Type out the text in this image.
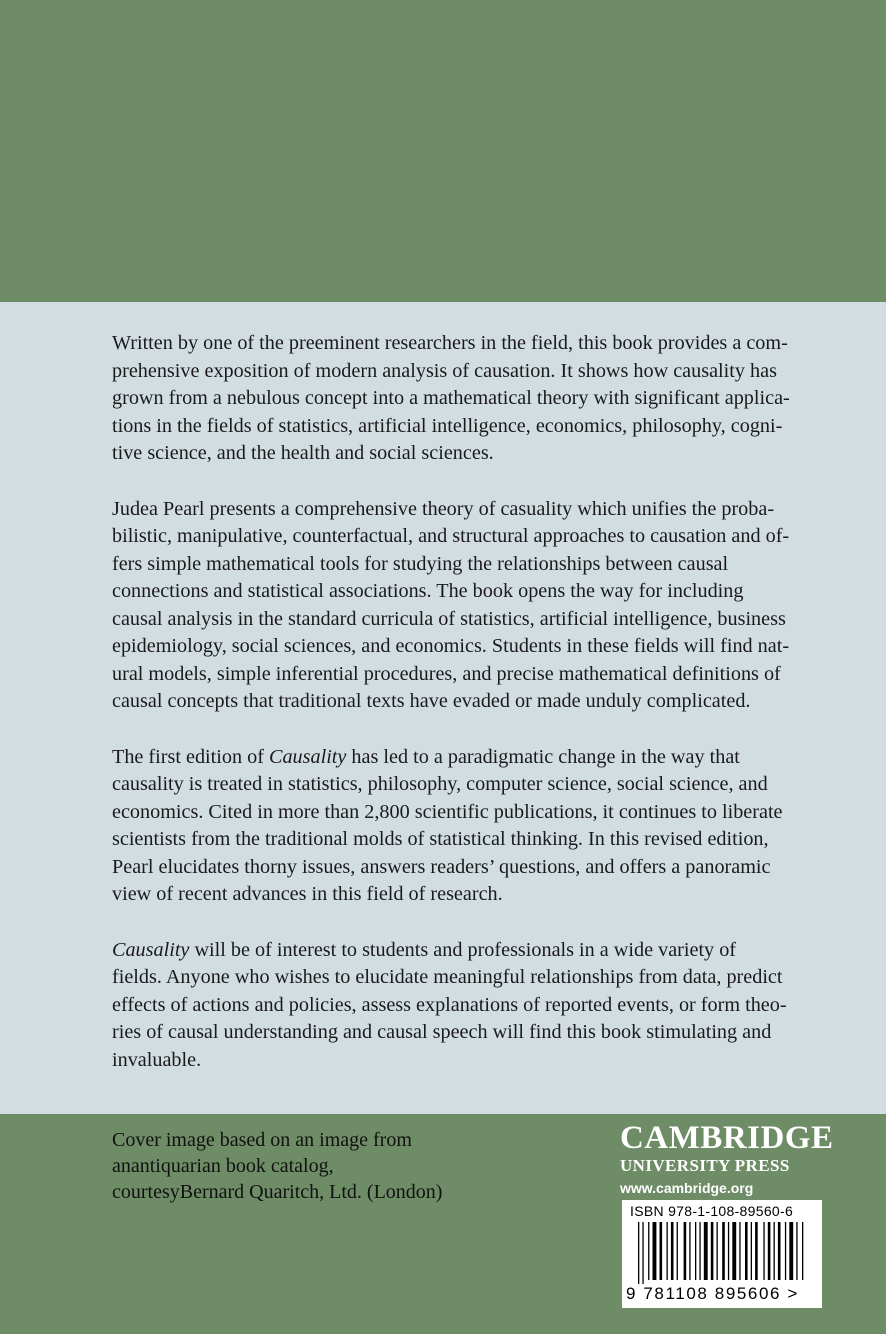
Written by one of the preeminent researchers in the field, this book provides a com-
prehensive exposition of modern analysis of causation. It shows how causality has
grown from a nebulous concept into a mathematical theory with significant applica-
tions in the fields of statistics, artificial intelligence, economics, philosophy, cogni-
tive science, and the health and social sciences.

Judea Pearl presents a comprehensive theory of casuality which unifies the proba-
bilistic, manipulative, counterfactual, and structural approaches to causation and of-
fers simple mathematical tools for studying the relationships between causal
connections and statistical associations. The book opens the way for including
causal analysis in the standard curricula of statistics, artificial intelligence, business
epidemiology, social sciences, and economics. Students in these fields will find nat-
ural models, simple inferential procedures, and precise mathematical definitions of
causal concepts that traditional texts have evaded or made unduly complicated.

The first edition of Causality has led to a paradigmatic change in the way that
causality is treated in statistics, philosophy, computer science, social science, and
economics. Cited in more than 2,800 scientific publications, it continues to liberate
scientists from the traditional molds of statistical thinking. In this revised edition,
Pearl elucidates thorny issues, answers readers’ questions, and offers a panoramic
view of recent advances in this field of research.

Causality will be of interest to students and professionals in a wide variety of
fields. Anyone who wishes to elucidate meaningful relationships from data, predict
effects of actions and policies, assess explanations of reported events, or form theo-
ries of causal understanding and causal speech will find this book stimulating and
invaluable.

Cover image based on an image from
anantiquarian book catalog,
courtesyBernard Quaritch, Ltd. (London)
CAMBRIDGE
UNIVERSITY PRESS
www.cambridge.org
ISBN 978-1-108-89560-6
9 781108 895606 >
